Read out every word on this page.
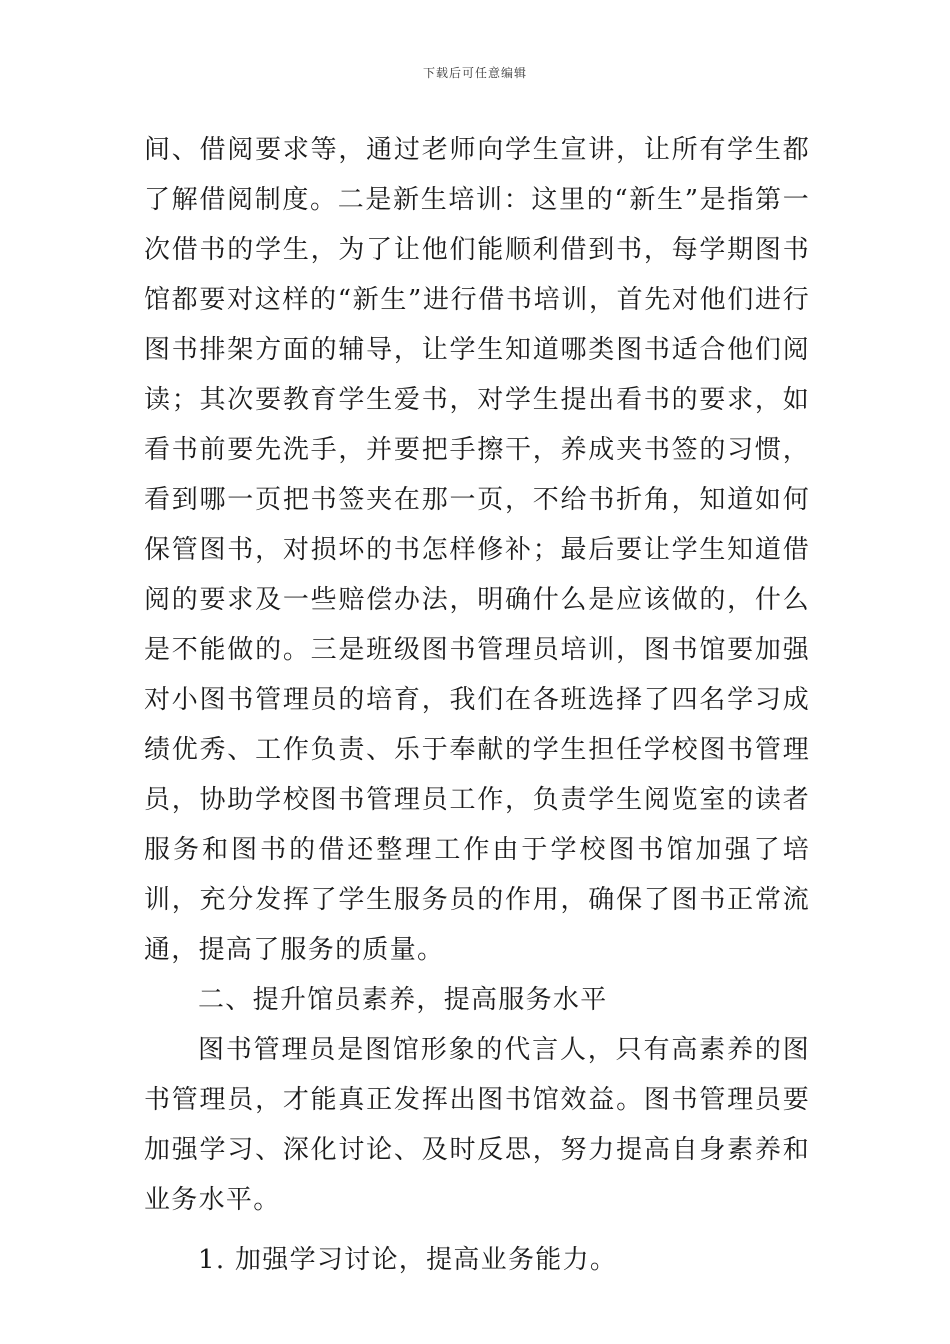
下载后可任意编辑

间、借阅要求等，通过老师向学生宣讲，让所有学生都了解借阅制度。二是新生培训：这里的“新生”是指第一次借书的学生，为了让他们能顺利借到书，每学期图书馆都要对这样的“新生”进行借书培训，首先对他们进行图书排架方面的辅导，让学生知道哪类图书适合他们阅读；其次要教育学生爱书，对学生提出看书的要求，如看书前要先洗手，并要把手擦干，养成夹书签的习惯，看到哪一页把书签夹在那一页，不给书折角，知道如何保管图书，对损坏的书怎样修补；最后要让学生知道借阅的要求及一些赔偿办法，明确什么是应该做的，什么是不能做的。三是班级图书管理员培训，图书馆要加强对小图书管理员的培育，我们在各班选择了四名学习成绩优秀、工作负责、乐于奉献的学生担任学校图书管理员，协助学校图书管理员工作，负责学生阅览室的读者服务和图书的借还整理工作由于学校图书馆加强了培训，充分发挥了学生服务员的作用，确保了图书正常流通，提高了服务的质量。

二、提升馆员素养，提高服务水平

图书管理员是图馆形象的代言人，只有高素养的图书管理员，才能真正发挥出图书馆效益。图书管理员要加强学习、深化讨论、及时反思，努力提高自身素养和业务水平。

1. 加强学习讨论，提高业务能力。
